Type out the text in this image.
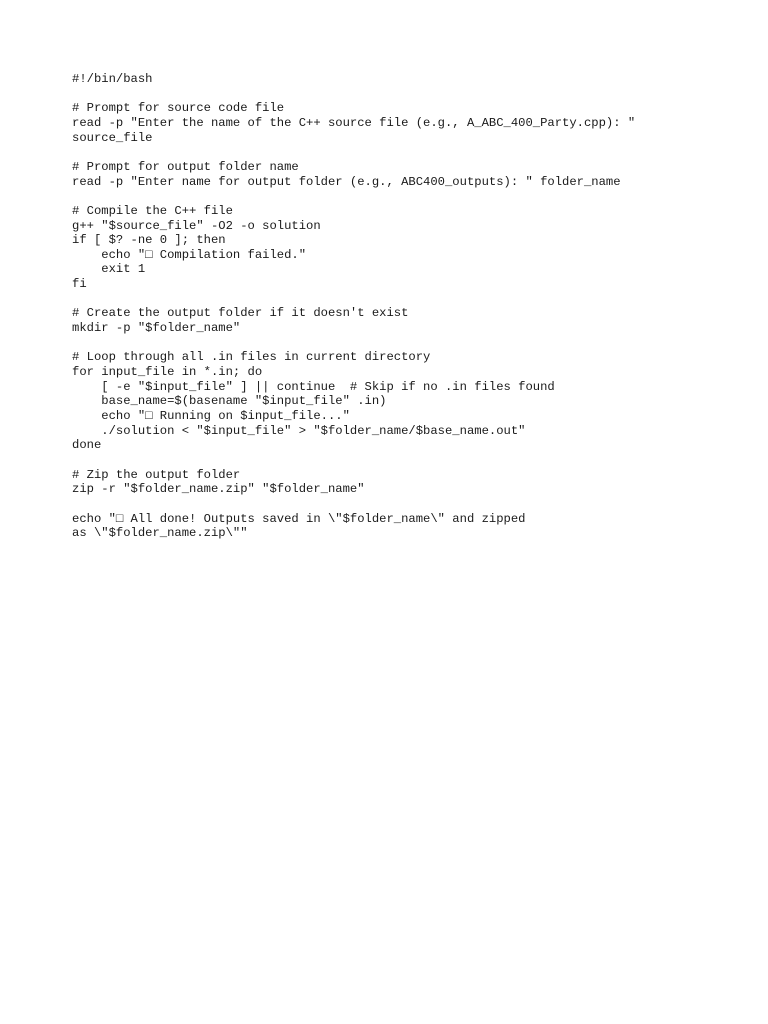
#!/bin/bash
# Prompt for source code file
read -p "Enter the name of the C++ source file (e.g., A_ABC_400_Party.cpp): "
source_file
# Prompt for output folder name
read -p "Enter name for output folder (e.g., ABC400_outputs): " folder_name
# Compile the C++ file
g++ "$source_file" -O2 -o solution
if [ $? -ne 0 ]; then
echo "□ Compilation failed."
exit 1
fi
# Create the output folder if it doesn't exist
mkdir -p "$folder_name"
# Loop through all .in files in current directory
for input_file in *.in; do
[ -e "$input_file" ] || continue  # Skip if no .in files found
base_name=$(basename "$input_file" .in)
echo "□ Running on $input_file..."
./solution < "$input_file" > "$folder_name/$base_name.out"
done
# Zip the output folder
zip -r "$folder_name.zip" "$folder_name"
echo "□ All done! Outputs saved in \"$folder_name\" and zipped
as \"$folder_name.zip\""
